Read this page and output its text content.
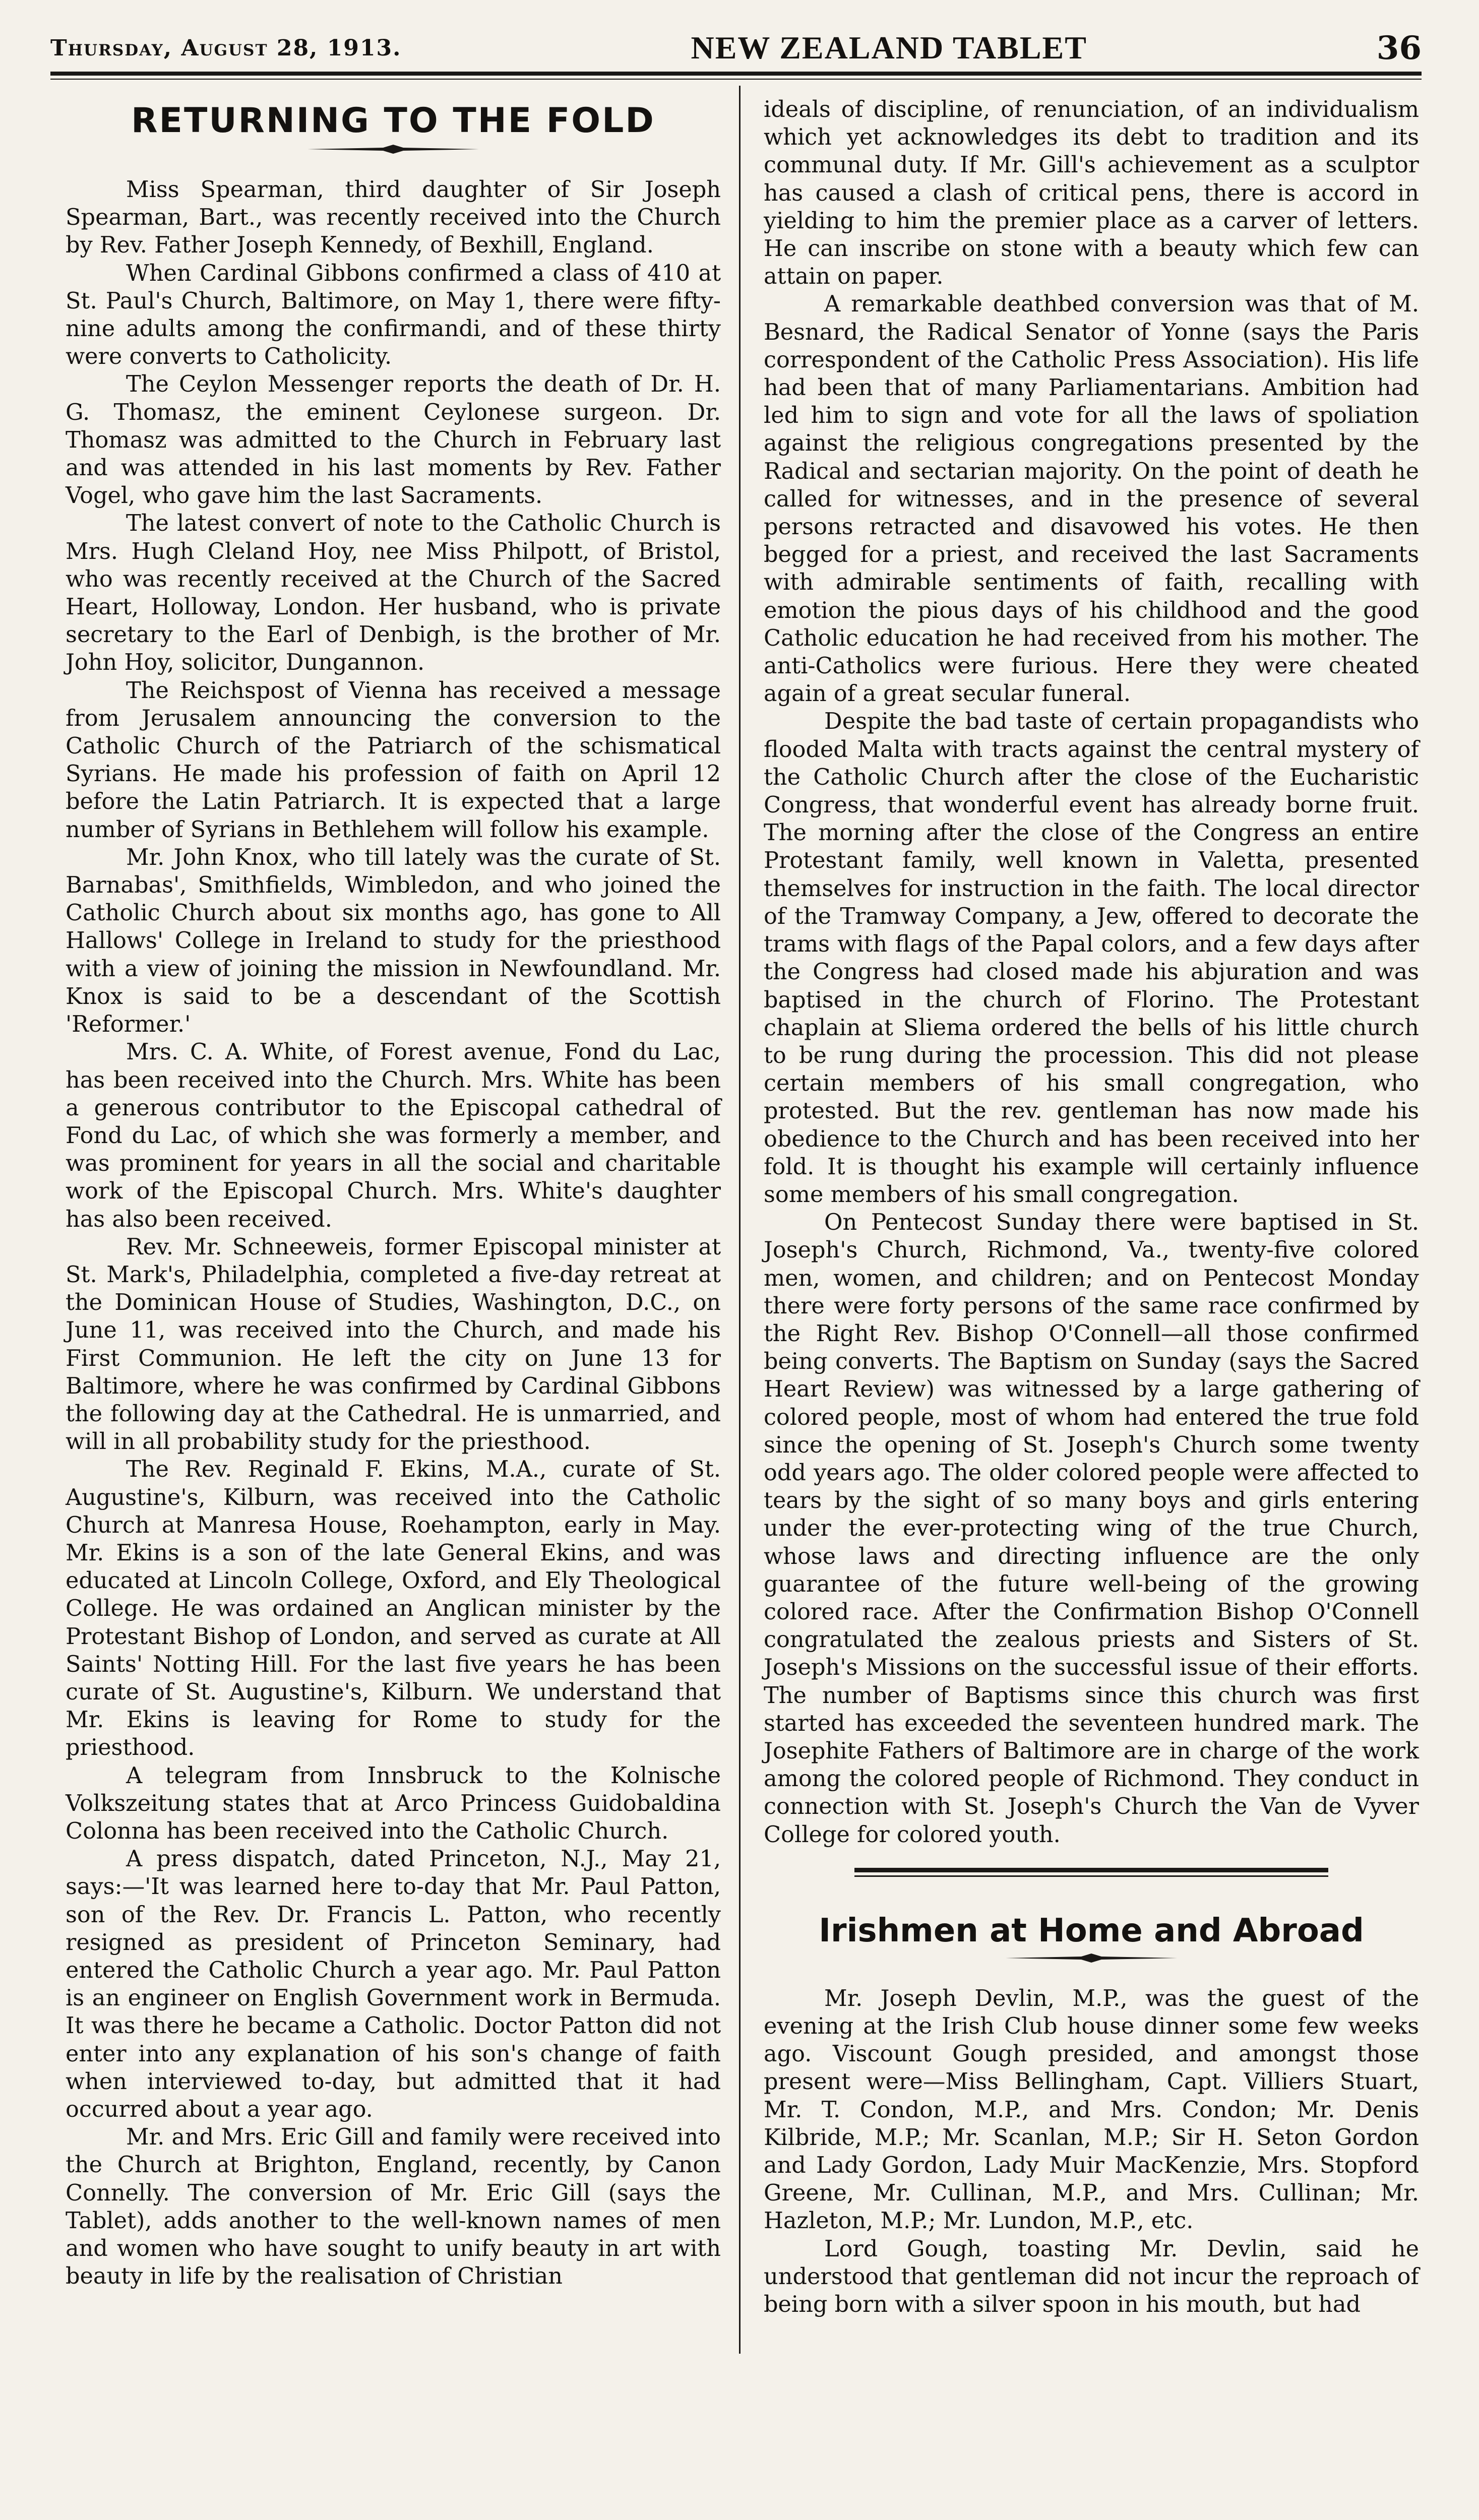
Thursday, August 28, 1913.	NEW ZEALAND TABLET	36
RETURNING TO THE FOLD

Miss Spearman, third daughter of Sir Joseph Spearman, Bart., was recently received into the Church by Rev. Father Joseph Kennedy, of Bexhill, England.

When Cardinal Gibbons confirmed a class of 410 at St. Paul's Church, Baltimore, on May 1, there were fifty-nine adults among the confirmandi, and of these thirty were converts to Catholicity.

The Ceylon Messenger reports the death of Dr. H. G. Thomasz, the eminent Ceylonese surgeon. Dr. Thomasz was admitted to the Church in February last and was attended in his last moments by Rev. Father Vogel, who gave him the last Sacraments.

The latest convert of note to the Catholic Church is Mrs. Hugh Cleland Hoy, nee Miss Philpott, of Bristol, who was recently received at the Church of the Sacred Heart, Holloway, London. Her husband, who is private secretary to the Earl of Denbigh, is the brother of Mr. John Hoy, solicitor, Dungannon.

The Reichspost of Vienna has received a message from Jerusalem announcing the conversion to the Catholic Church of the Patriarch of the schismatical Syrians. He made his profession of faith on April 12 before the Latin Patriarch. It is expected that a large number of Syrians in Bethlehem will follow his example.

Mr. John Knox, who till lately was the curate of St. Barnabas', Smithfields, Wimbledon, and who joined the Catholic Church about six months ago, has gone to All Hallows' College in Ireland to study for the priesthood with a view of joining the mission in Newfoundland. Mr. Knox is said to be a descendant of the Scottish 'Reformer.'

Mrs. C. A. White, of Forest avenue, Fond du Lac, has been received into the Church. Mrs. White has been a generous contributor to the Episcopal cathedral of Fond du Lac, of which she was formerly a member, and was prominent for years in all the social and charitable work of the Episcopal Church. Mrs. White's daughter has also been received.

Rev. Mr. Schneeweis, former Episcopal minister at St. Mark's, Philadelphia, completed a five-day retreat at the Dominican House of Studies, Washington, D.C., on June 11, was received into the Church, and made his First Communion. He left the city on June 13 for Baltimore, where he was confirmed by Cardinal Gibbons the following day at the Cathedral. He is unmarried, and will in all probability study for the priesthood.

The Rev. Reginald F. Ekins, M.A., curate of St. Augustine's, Kilburn, was received into the Catholic Church at Manresa House, Roehampton, early in May. Mr. Ekins is a son of the late General Ekins, and was educated at Lincoln College, Oxford, and Ely Theological College. He was ordained an Anglican minister by the Protestant Bishop of London, and served as curate at All Saints' Notting Hill. For the last five years he has been curate of St. Augustine's, Kilburn. We understand that Mr. Ekins is leaving for Rome to study for the priesthood.

A telegram from Innsbruck to the Kolnische Volkszeitung states that at Arco Princess Guidobaldina Colonna has been received into the Catholic Church.

A press dispatch, dated Princeton, N.J., May 21, says:—'It was learned here to-day that Mr. Paul Patton, son of the Rev. Dr. Francis L. Patton, who recently resigned as president of Princeton Seminary, had entered the Catholic Church a year ago. Mr. Paul Patton is an engineer on English Government work in Bermuda. It was there he became a Catholic. Doctor Patton did not enter into any explanation of his son's change of faith when interviewed to-day, but admitted that it had occurred about a year ago.

Mr. and Mrs. Eric Gill and family were received into the Church at Brighton, England, recently, by Canon Connelly. The conversion of Mr. Eric Gill (says the Tablet), adds another to the well-known names of men and women who have sought to unify beauty in art with beauty in life by the realisation of Christian

ideals of discipline, of renunciation, of an individualism which yet acknowledges its debt to tradition and its communal duty. If Mr. Gill's achievement as a sculptor has caused a clash of critical pens, there is accord in yielding to him the premier place as a carver of letters. He can inscribe on stone with a beauty which few can attain on paper.

A remarkable deathbed conversion was that of M. Besnard, the Radical Senator of Yonne (says the Paris correspondent of the Catholic Press Association). His life had been that of many Parliamentarians. Ambition had led him to sign and vote for all the laws of spoliation against the religious congregations presented by the Radical and sectarian majority. On the point of death he called for witnesses, and in the presence of several persons retracted and disavowed his votes. He then begged for a priest, and received the last Sacraments with admirable sentiments of faith, recalling with emotion the pious days of his childhood and the good Catholic education he had received from his mother. The anti-Catholics were furious. Here they were cheated again of a great secular funeral.

Despite the bad taste of certain propagandists who flooded Malta with tracts against the central mystery of the Catholic Church after the close of the Eucharistic Congress, that wonderful event has already borne fruit. The morning after the close of the Congress an entire Protestant family, well known in Valetta, presented themselves for instruction in the faith. The local director of the Tramway Company, a Jew, offered to decorate the trams with flags of the Papal colors, and a few days after the Congress had closed made his abjuration and was baptised in the church of Florino. The Protestant chaplain at Sliema ordered the bells of his little church to be rung during the procession. This did not please certain members of his small congregation, who protested. But the rev. gentleman has now made his obedience to the Church and has been received into her fold. It is thought his example will certainly influence some members of his small congregation.

On Pentecost Sunday there were baptised in St. Joseph's Church, Richmond, Va., twenty-five colored men, women, and children; and on Pentecost Monday there were forty persons of the same race confirmed by the Right Rev. Bishop O'Connell—all those confirmed being converts. The Baptism on Sunday (says the Sacred Heart Review) was witnessed by a large gathering of colored people, most of whom had entered the true fold since the opening of St. Joseph's Church some twenty odd years ago. The older colored people were affected to tears by the sight of so many boys and girls entering under the ever-protecting wing of the true Church, whose laws and directing influence are the only guarantee of the future well-being of the growing colored race. After the Confirmation Bishop O'Connell congratulated the zealous priests and Sisters of St. Joseph's Missions on the successful issue of their efforts. The number of Baptisms since this church was first started has exceeded the seventeen hundred mark. The Josephite Fathers of Baltimore are in charge of the work among the colored people of Richmond. They conduct in connection with St. Joseph's Church the Van de Vyver College for colored youth.

Irishmen at Home and Abroad

Mr. Joseph Devlin, M.P., was the guest of the evening at the Irish Club house dinner some few weeks ago. Viscount Gough presided, and amongst those present were—Miss Bellingham, Capt. Villiers Stuart, Mr. T. Condon, M.P., and Mrs. Condon; Mr. Denis Kilbride, M.P.; Mr. Scanlan, M.P.; Sir H. Seton Gordon and Lady Gordon, Lady Muir MacKenzie, Mrs. Stopford Greene, Mr. Cullinan, M.P., and Mrs. Cullinan; Mr. Hazleton, M.P.; Mr. Lundon, M.P., etc.

Lord Gough, toasting Mr. Devlin, said he understood that gentleman did not incur the reproach of being born with a silver spoon in his mouth, but had
